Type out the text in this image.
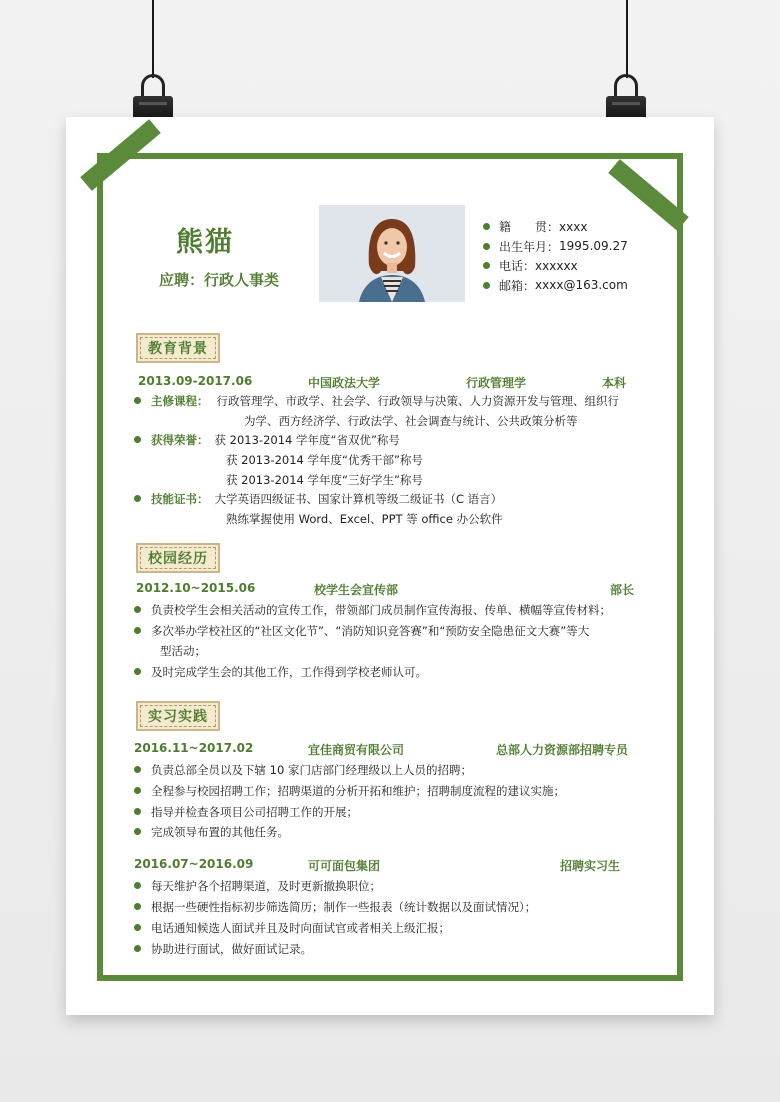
熊猫
应聘：行政人事类
籍　　贯 ： xxxx
出生年月 ： 1995.09.27
电话 ： xxxxxx
邮箱 ： xxxx@163.com
教育背景
2013.09-2017.06	中国政法大学	行政管理学	本科
主修课程： 行政管理学、市政学、社会学、行政领导与决策、人力资源开发与管理、组织行
为学、西方经济学、行政法学、社会调查与统计、公共政策分析等
获得荣誉： 获 2013-2014 学年度“省双优”称号
获 2013-2014 学年度“优秀干部”称号
获 2013-2014 学年度“三好学生”称号
技能证书： 大学英语四级证书、国家计算机等级二级证书（C 语言）
熟练掌握使用 Word、Excel、PPT 等 office 办公软件
校园经历
2012.10~2015.06	校学生会宣传部	部长
负责校学生会相关活动的宣传工作，带领部门成员制作宣传海报、传单、横幅等宣传材料；
多次举办学校社区的“社区文化节”、“消防知识竞答赛”和“预防安全隐患征文大赛”等大
型活动；
及时完成学生会的其他工作，工作得到学校老师认可。
实习实践
2016.11~2017.02	宜佳商贸有限公司	总部人力资源部招聘专员
负责总部全员以及下辖 10 家门店部门经理级以上人员的招聘；
全程参与校园招聘工作；招聘渠道的分析开拓和维护；招聘制度流程的建议实施；
指导并检查各项目公司招聘工作的开展；
完成领导布置的其他任务。
2016.07~2016.09	可可面包集团	招聘实习生
每天维护各个招聘渠道，及时更新撤换职位；
根据一些硬性指标初步筛选简历；制作一些报表（统计数据以及面试情况）；
电话通知候选人面试并且及时向面试官或者相关上级汇报；
协助进行面试，做好面试记录。
